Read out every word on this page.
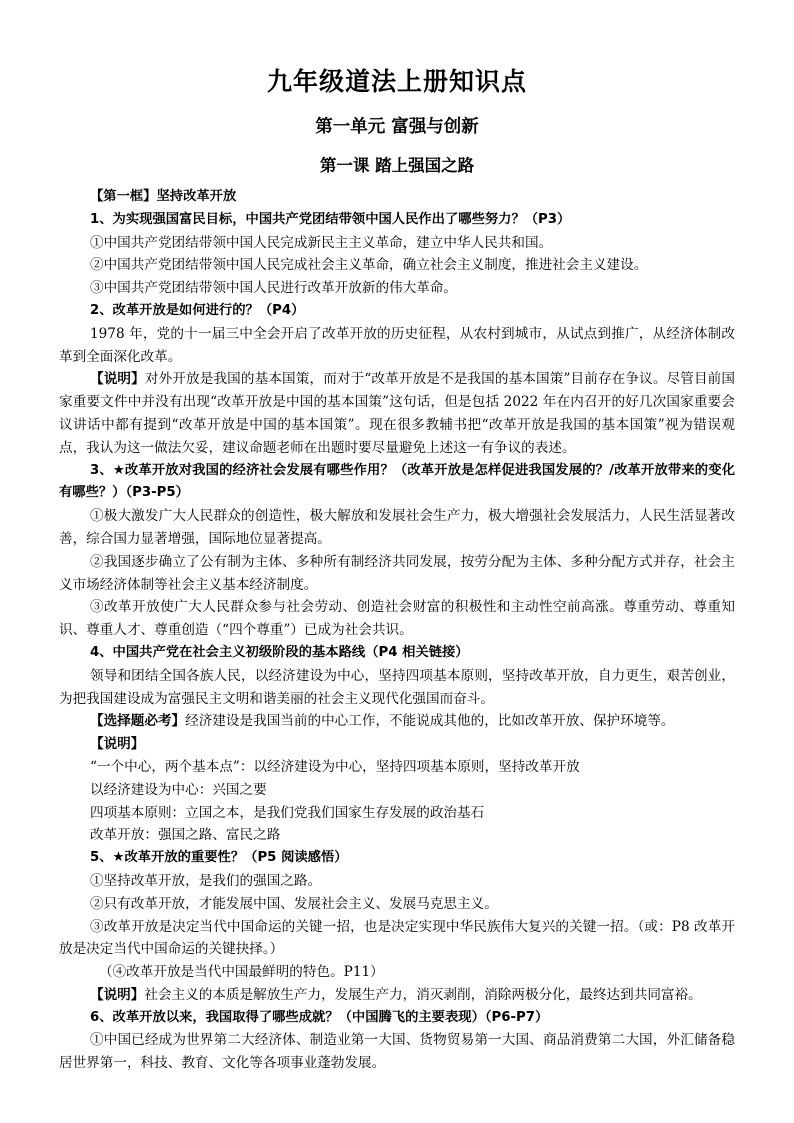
九年级道法上册知识点
第一单元 富强与创新
第一课 踏上强国之路

【第一框】坚持改革开放

1、为实现强国富民目标，中国共产党团结带领中国人民作出了哪些努力？（P3）

①中国共产党团结带领中国人民完成新民主主义革命，建立中华人民共和国。

②中国共产党团结带领中国人民完成社会主义革命，确立社会主义制度，推进社会主义建设。

③中国共产党团结带领中国人民进行改革开放新的伟大革命。

2、改革开放是如何进行的？（P4）

1978 年，党的十一届三中全会开启了改革开放的历史征程，从农村到城市，从试点到推广，从经济体制改革到全面深化改革。

【说明】对外开放是我国的基本国策，而对于“改革开放是不是我国的基本国策”目前存在争议。尽管目前国家重要文件中并没有出现“改革开放是中国的基本国策”这句话，但是包括 2022 年在内召开的好几次国家重要会议讲话中都有提到“改革开放是中国的基本国策”。现在很多教辅书把“改革开放是我国的基本国策”视为错误观点，我认为这一做法欠妥，建议命题老师在出题时要尽量避免上述这一有争议的表述。

3、★改革开放对我国的经济社会发展有哪些作用？（改革开放是怎样促进我国发展的？/改革开放带来的变化有哪些？）（P3-P5）

①极大激发广大人民群众的创造性，极大解放和发展社会生产力，极大增强社会发展活力，人民生活显著改善，综合国力显著增强，国际地位显著提高。

②我国逐步确立了公有制为主体、多种所有制经济共同发展，按劳分配为主体、多种分配方式并存，社会主义市场经济体制等社会主义基本经济制度。

③改革开放使广大人民群众参与社会劳动、创造社会财富的积极性和主动性空前高涨。尊重劳动、尊重知识、尊重人才、尊重创造（“四个尊重”）已成为社会共识。

4、中国共产党在社会主义初级阶段的基本路线（P4 相关链接）

领导和团结全国各族人民，以经济建设为中心，坚持四项基本原则，坚持改革开放，自力更生，艰苦创业，为把我国建设成为富强民主文明和谐美丽的社会主义现代化强国而奋斗。

【选择题必考】经济建设是我国当前的中心工作，不能说成其他的，比如改革开放、保护环境等。

【说明】

“一个中心，两个基本点”：以经济建设为中心，坚持四项基本原则，坚持改革开放

以经济建设为中心：兴国之要

四项基本原则：立国之本，是我们党我们国家生存发展的政治基石

改革开放：强国之路、富民之路

5、★改革开放的重要性？（P5 阅读感悟）

①坚持改革开放，是我们的强国之路。

②只有改革开放，才能发展中国、发展社会主义、发展马克思主义。

③改革开放是决定当代中国命运的关键一招，也是决定实现中华民族伟大复兴的关键一招。（或：P8 改革开放是决定当代中国命运的关键抉择。）

（④改革开放是当代中国最鲜明的特色。P11）

【说明】社会主义的本质是解放生产力，发展生产力，消灭剥削，消除两极分化，最终达到共同富裕。

6、改革开放以来，我国取得了哪些成就？（中国腾飞的主要表现）（P6-P7）

①中国已经成为世界第二大经济体、制造业第一大国、货物贸易第一大国、商品消费第二大国，外汇储备稳居世界第一，科技、教育、文化等各项事业蓬勃发展。
